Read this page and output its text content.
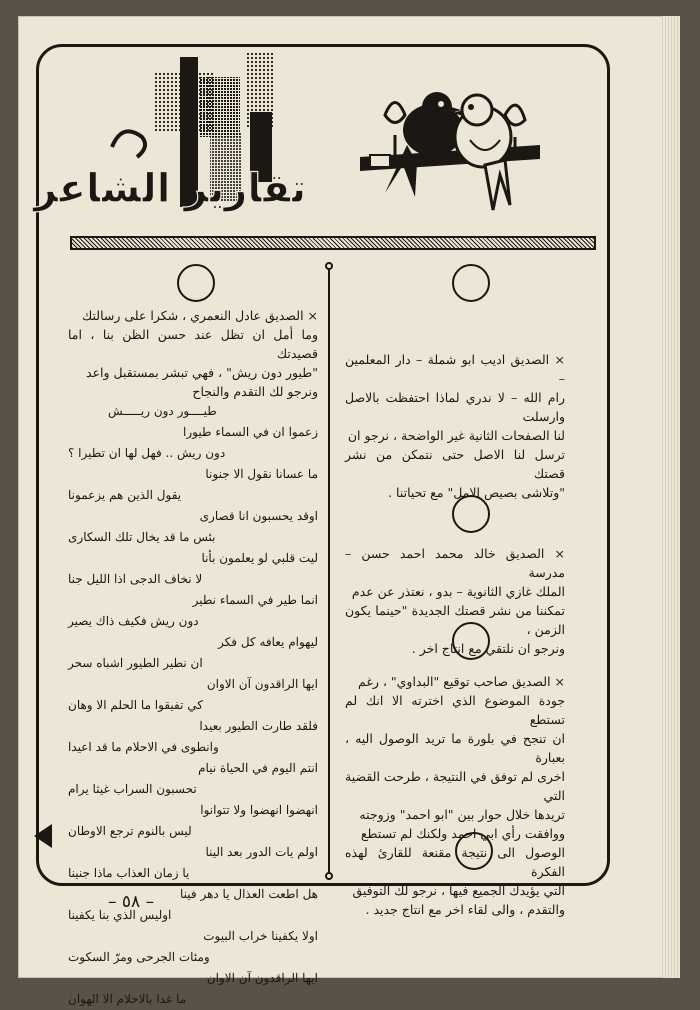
تقارير الشاعر
× الصديق اديب ابو شملة – دار المعلمين –
رام الله – لا ندري لماذا احتفظت بالاصل وارسلت
لنا الصفحات الثانية غير الواضحة ، نرجو ان
ترسل لنا الاصل حتى نتمكن من نشر قصتك
"وتلاشى بصيص الامل" مع تحياتنا .
× الصديق خالد محمد احمد حسن – مدرسة
الملك غازي الثانوية – بدو ، نعتذر عن عدم
تمكننا من نشر قصتك الجديدة "حينما يكون الزمن ،
ونرجو ان نلتقي مع انتاج اخر .
× الصديق صاحب توقيع "البداوي" ، رغم
جودة الموضوع الذي اخترته الا انك لم تستطع
ان تنجح في بلورة ما تريد الوصول اليه ، بعبارة
اخرى لم توفق في النتيجة ، طرحت القضية التي
تريدها خلال حوار بين "ابو احمد" وزوجته
ووافقت رأي ابي احمد ولكنك لم تستطع
الوصول الى نتيجة مقنعة للقارئ لهذه الفكرة
التي يؤيدك الجميع فيها ، نرجو لك التوفيق
والتقدم ، والى لقاء اخر مع انتاج جديد .
× الصديق عادل النعمري ، شكرا على رسالتك
وما أمل ان تظل عند حسن الظن بنا ، اما قصيدتك
"طيور دون ريش" ، فهي تبشر بمستقبل واعد
ونرجو لك التقدم والنجاح
طيــــور دون ريـــــش
زعموا ان في السماء طيورا
دون ريش .. فهل لها ان تطيرا ؟
ما عسانا نقول الا جنونا
يقول الذين هم يزعمونا
اوقد يحسبون انا قصارى
بئس ما قد يخال تلك السكارى
ليت قلبي لو يعلمون بأنا
لا نخاف الدجى اذا الليل جنا
انما طير في السماء نطير
دون ريش فكيف ذاك يصير
ليهوام يعافه كل فكر
ان نطير الطيور اشباه سحر
ايها الراقدون آن الاوان
كي تفيقوا ما الحلم الا وهان
فلقد طارت الطيور بعيدا
وانطوى في الاحلام ما قد اعيدا
انتم اليوم في الحياة نيام
تحسبون السراب غيثا يرام
انهضوا انهضوا ولا تتوانوا
ليس بالنوم ترجع الاوطان
اولم يات الدور بعد الينا
يا زمان العذاب ماذا جنينا
هل اطعت العذال يا دهر فينا
اوليس الذي بنا يكفينا
اولا يكفينا خراب البيوت
ومئات الجرحى ومرّ السكوت
ايها الراقدون آن الاوان
ما غدا بالاحلام الا الهوان
– ٥٨ –
